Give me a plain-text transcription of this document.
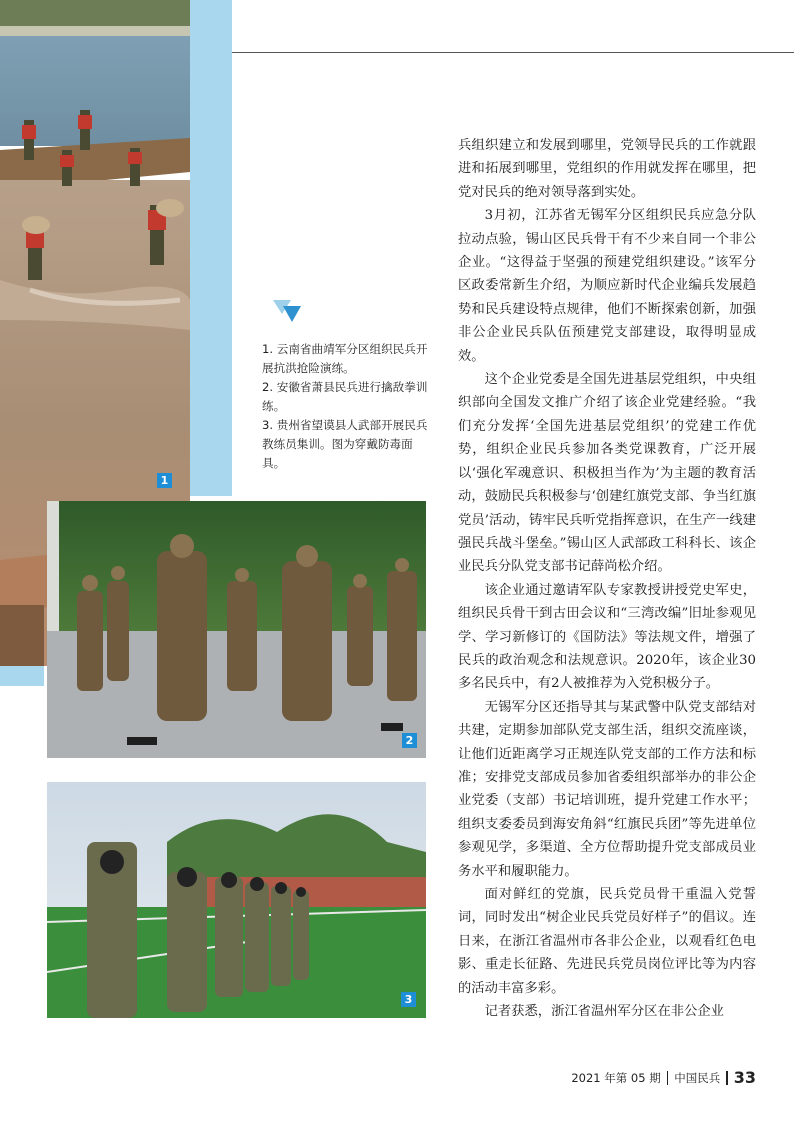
1
2
3

1. 云南省曲靖军分区组织民兵开展抗洪抢险演练。

2. 安徽省萧县民兵进行擒敌拳训练。

3. 贵州省望谟县人武部开展民兵教练员集训。图为穿戴防毒面具。

兵组织建立和发展到哪里，党领导民兵的工作就跟进和拓展到哪里，党组织的作用就发挥在哪里，把党对民兵的绝对领导落到实处。

3月初，江苏省无锡军分区组织民兵应急分队拉动点验，锡山区民兵骨干有不少来自同一个非公企业。“这得益于坚强的预建党组织建设。”该军分区政委常新生介绍，为顺应新时代企业编兵发展趋势和民兵建设特点规律，他们不断探索创新，加强非公企业民兵队伍预建党支部建设，取得明显成效。

这个企业党委是全国先进基层党组织，中央组织部向全国发文推广介绍了该企业党建经验。“我们充分发挥‘全国先进基层党组织’的党建工作优势，组织企业民兵参加各类党课教育，广泛开展以‘强化军魂意识、积极担当作为’为主题的教育活动，鼓励民兵积极参与‘创建红旗党支部、争当红旗党员’活动，铸牢民兵听党指挥意识，在生产一线建强民兵战斗堡垒。”锡山区人武部政工科科长、该企业民兵分队党支部书记薛尚松介绍。

该企业通过邀请军队专家教授讲授党史军史，组织民兵骨干到古田会议和“三湾改编”旧址参观见学、学习新修订的《国防法》等法规文件，增强了民兵的政治观念和法规意识。2020年，该企业30多名民兵中，有2人被推荐为入党积极分子。

无锡军分区还指导其与某武警中队党支部结对共建，定期参加部队党支部生活，组织交流座谈，让他们近距离学习正规连队党支部的工作方法和标准；安排党支部成员参加省委组织部举办的非公企业党委（支部）书记培训班，提升党建工作水平；组织支委委员到海安角斜“红旗民兵团”等先进单位参观见学，多渠道、全方位帮助提升党支部成员业务水平和履职能力。

面对鲜红的党旗，民兵党员骨干重温入党誓词，同时发出“树企业民兵党员好样子”的倡议。连日来，在浙江省温州市各非公企业，以观看红色电影、重走长征路、先进民兵党员岗位评比等为内容的活动丰富多彩。

记者获悉，浙江省温州军分区在非公企业

2021 年第 05 期 中国民兵 33
